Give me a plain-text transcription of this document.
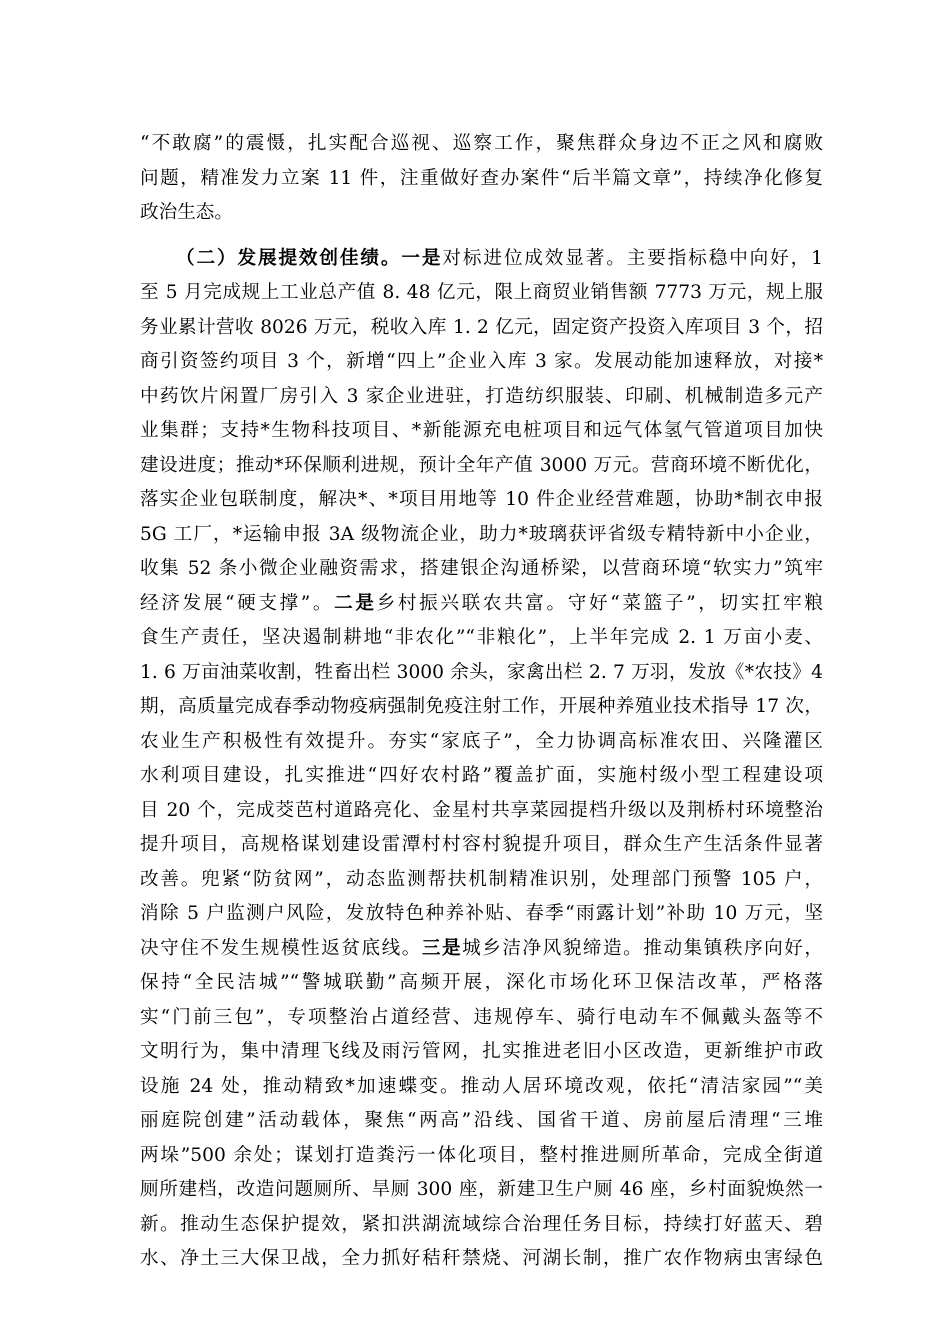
“不敢腐”的震慑，扎实配合巡视、巡察工作，聚焦群众身边不正之风和腐败
问题，精准发力立案 11 件，注重做好查办案件“后半篇文章”，持续净化修复
政治生态。
（二）发展提效创佳绩。一是对标进位成效显著。主要指标稳中向好，1
至 5 月完成规上工业总产值 8. 48 亿元，限上商贸业销售额 7773 万元，规上服
务业累计营收 8026 万元，税收入库 1. 2 亿元，固定资产投资入库项目 3 个，招
商引资签约项目 3 个，新增“四上”企业入库 3 家。发展动能加速释放，对接*
中药饮片闲置厂房引入 3 家企业进驻，打造纺织服装、印刷、机械制造多元产
业集群；支持*生物科技项目、*新能源充电桩项目和远气体氢气管道项目加快
建设进度；推动*环保顺利进规，预计全年产值 3000 万元。营商环境不断优化，
落实企业包联制度，解决*、*项目用地等 10 件企业经营难题，协助*制衣申报
5G 工厂，*运输申报 3A 级物流企业，助力*玻璃获评省级专精特新中小企业，
收集 52 条小微企业融资需求，搭建银企沟通桥梁，以营商环境“软实力”筑牢
经济发展“硬支撑”。二是乡村振兴联农共富。守好“菜篮子”，切实扛牢粮
食生产责任，坚决遏制耕地“非农化”“非粮化”，上半年完成 2. 1 万亩小麦、
1. 6 万亩油菜收割，牲畜出栏 3000 余头，家禽出栏 2. 7 万羽，发放《*农技》4
期，高质量完成春季动物疫病强制免疫注射工作，开展种养殖业技术指导 17 次，
农业生产积极性有效提升。夯实“家底子”，全力协调高标准农田、兴隆灌区
水利项目建设，扎实推进“四好农村路”覆盖扩面，实施村级小型工程建设项
目 20 个，完成茭芭村道路亮化、金星村共享菜园提档升级以及荆桥村环境整治
提升项目，高规格谋划建设雷潭村村容村貌提升项目，群众生产生活条件显著
改善。兜紧“防贫网”，动态监测帮扶机制精准识别，处理部门预警 105 户，
消除 5 户监测户风险，发放特色种养补贴、春季“雨露计划”补助 10 万元，坚
决守住不发生规模性返贫底线。三是城乡洁净风貌缔造。推动集镇秩序向好，
保持“全民洁城”“警城联勤”高频开展，深化市场化环卫保洁改革，严格落
实“门前三包”，专项整治占道经营、违规停车、骑行电动车不佩戴头盔等不
文明行为，集中清理飞线及雨污管网，扎实推进老旧小区改造，更新维护市政
设施 24 处，推动精致*加速蝶变。推动人居环境改观，依托“清洁家园”“美
丽庭院创建”活动载体，聚焦“两高”沿线、国省干道、房前屋后清理“三堆
两垛”500 余处；谋划打造粪污一体化项目，整村推进厕所革命，完成全街道
厕所建档，改造问题厕所、旱厕 300 座，新建卫生户厕 46 座，乡村面貌焕然一
新。推动生态保护提效，紧扣洪湖流域综合治理任务目标，持续打好蓝天、碧
水、净土三大保卫战，全力抓好秸秆禁烧、河湖长制，推广农作物病虫害绿色
